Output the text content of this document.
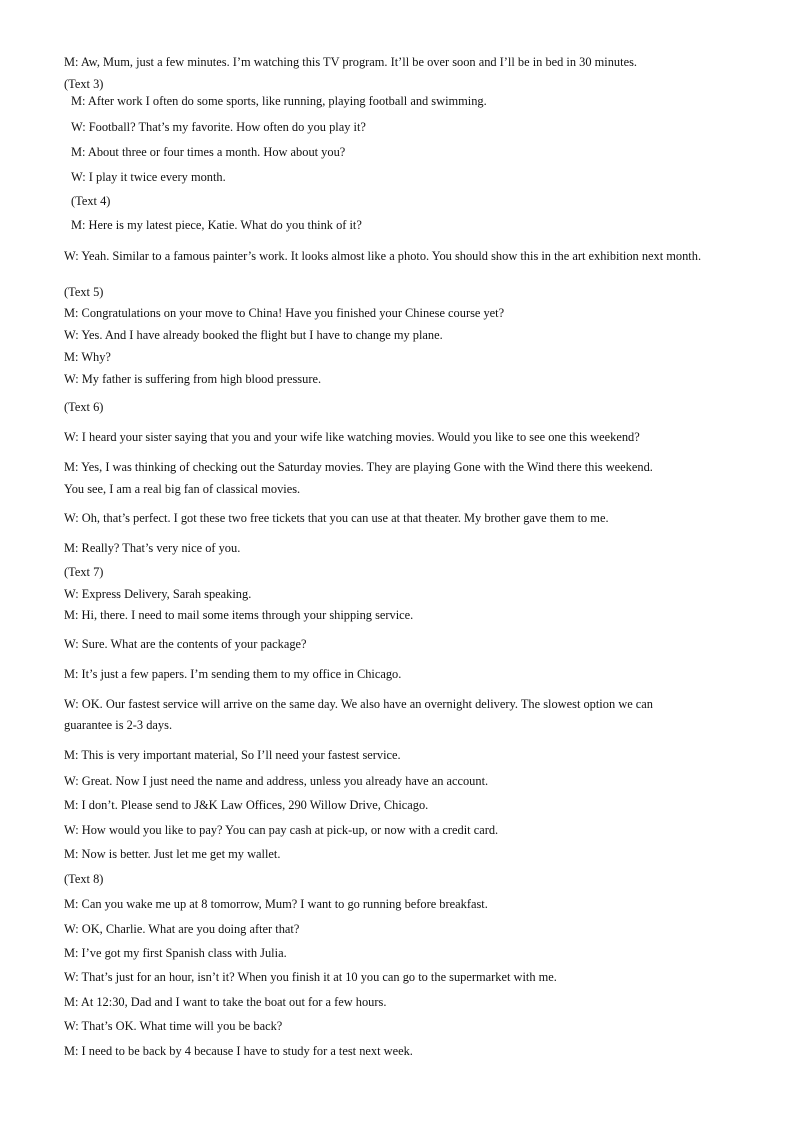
M: Aw, Mum, just a few minutes. I’m watching this TV program. It’ll be over soon and I’ll be in bed in 30 minutes.
(Text 3)
M: After work I often do some sports, like running, playing football and swimming.
W: Football? That’s my favorite. How often do you play it?
M: About three or four times a month. How about you?
W: I play it twice every month.
(Text 4)
M: Here is my latest piece, Katie. What do you think of it?
W: Yeah. Similar to a famous painter’s work. It looks almost like a photo. You should show this in the art exhibition next month.
(Text 5)
M: Congratulations on your move to China! Have you finished your Chinese course yet?
W: Yes. And I have already booked the flight but I have to change my plane.
M: Why?
W: My father is suffering from high blood pressure.
(Text 6)
W: I heard your sister saying that you and your wife like watching movies. Would you like to see one this weekend?
M: Yes, I was thinking of checking out the Saturday movies. They are playing Gone with the Wind there this weekend.
You see, I am a real big fan of classical movies.
W: Oh, that’s perfect. I got these two free tickets that you can use at that theater. My brother gave them to me.
M: Really? That’s very nice of you.
(Text 7)
W: Express Delivery, Sarah speaking.
M: Hi, there. I need to mail some items through your shipping service.
W: Sure. What are the contents of your package?
M: It’s just a few papers. I’m sending them to my office in Chicago.
W: OK. Our fastest service will arrive on the same day. We also have an overnight delivery. The slowest option we can
guarantee is 2-3 days.
M: This is very important material, So I’ll need your fastest service.
W: Great. Now I just need the name and address, unless you already have an account.
M: I don’t. Please send to J&K Law Offices, 290 Willow Drive, Chicago.
W: How would you like to pay? You can pay cash at pick-up, or now with a credit card.
M: Now is better. Just let me get my wallet.
(Text 8)
M: Can you wake me up at 8 tomorrow, Mum? I want to go running before breakfast.
W: OK, Charlie. What are you doing after that?
M: I’ve got my first Spanish class with Julia.
W: That’s just for an hour, isn’t it? When you finish it at 10 you can go to the supermarket with me.
M: At 12:30, Dad and I want to take the boat out for a few hours.
W: That’s OK. What time will you be back?
M: I need to be back by 4 because I have to study for a test next week.
